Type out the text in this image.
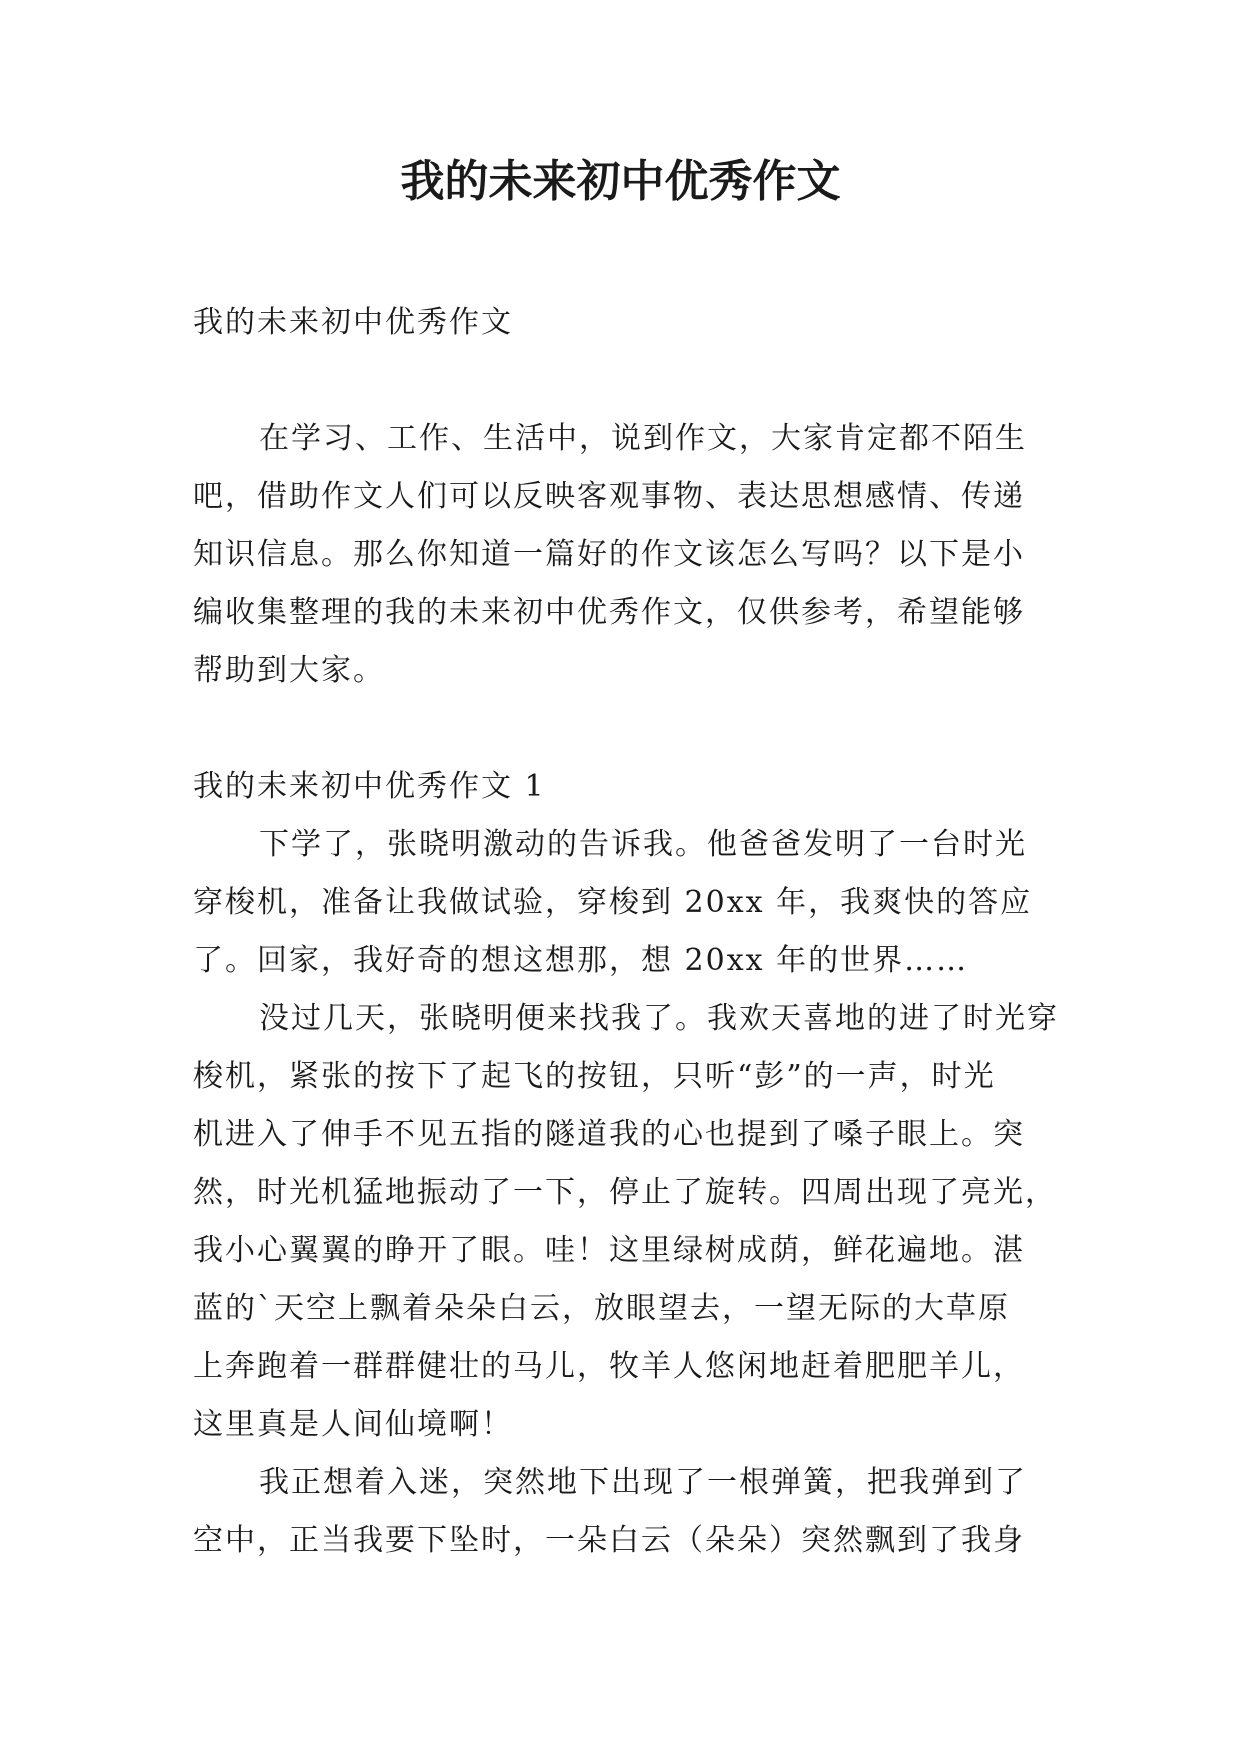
我的未来初中优秀作文

我的未来初中优秀作文

在学习、工作、生活中，说到作文，大家肯定都不陌生

吧，借助作文人们可以反映客观事物、表达思想感情、传递

知识信息。那么你知道一篇好的作文该怎么写吗？以下是小

编收集整理的我的未来初中优秀作文，仅供参考，希望能够

帮助到大家。

我的未来初中优秀作文 1

下学了，张晓明激动的告诉我。他爸爸发明了一台时光

穿梭机，准备让我做试验，穿梭到 20xx 年，我爽快的答应

了。回家，我好奇的想这想那，想 20xx 年的世界……

没过几天，张晓明便来找我了。我欢天喜地的进了时光穿

梭机，紧张的按下了起飞的按钮，只听“彭”的一声，时光

机进入了伸手不见五指的隧道我的心也提到了嗓子眼上。突

然，时光机猛地振动了一下，停止了旋转。四周出现了亮光，

我小心翼翼的睁开了眼。哇！这里绿树成荫，鲜花遍地。湛

蓝的`天空上飘着朵朵白云，放眼望去，一望无际的大草原

上奔跑着一群群健壮的马儿，牧羊人悠闲地赶着肥肥羊儿，

这里真是人间仙境啊！

我正想着入迷，突然地下出现了一根弹簧，把我弹到了

空中，正当我要下坠时，一朵白云（朵朵）突然飘到了我身
